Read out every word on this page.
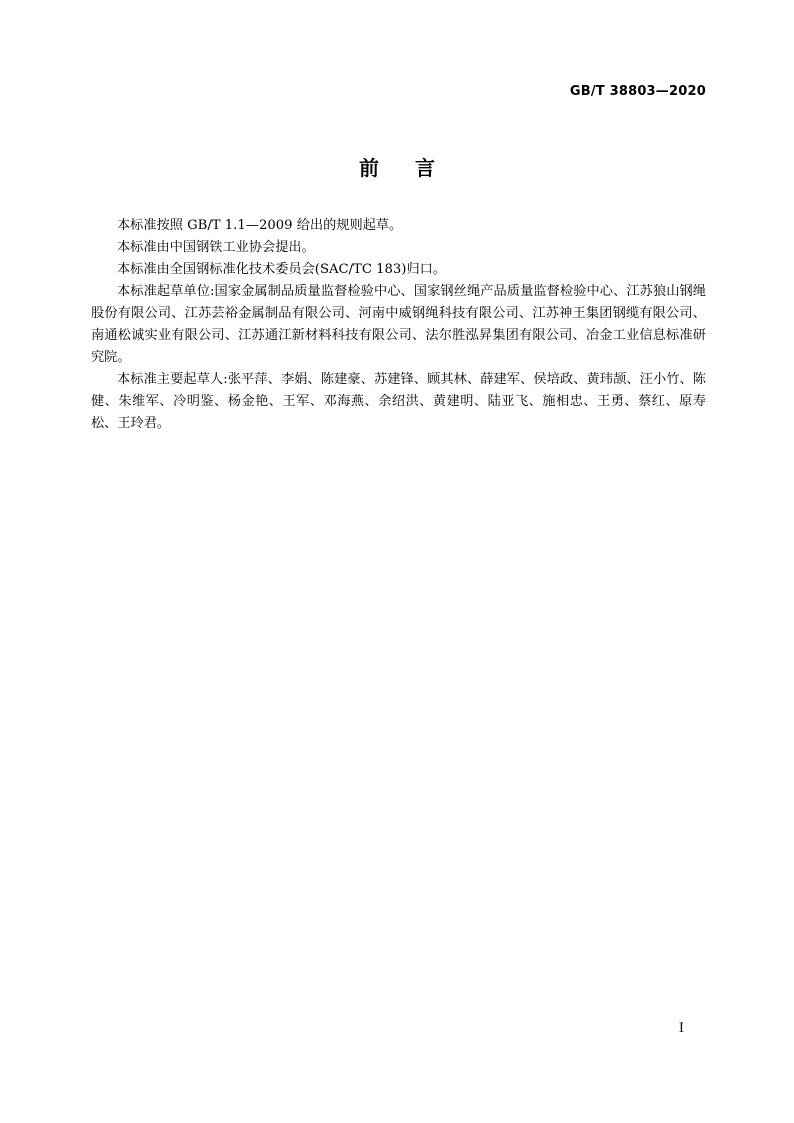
GB/T 38803—2020
前言

本标准按照 GB/T 1.1—2009 给出的规则起草。

本标准由中国钢铁工业协会提出。

本标准由全国钢标准化技术委员会(SAC/TC 183)归口。

本标准起草单位:国家金属制品质量监督检验中心、国家钢丝绳产品质量监督检验中心、江苏狼山钢绳股份有限公司、江苏芸裕金属制品有限公司、河南中威钢绳科技有限公司、江苏神王集团钢缆有限公司、南通松诚实业有限公司、江苏通江新材料科技有限公司、法尔胜泓昇集团有限公司、冶金工业信息标准研究院。

本标准主要起草人:张平萍、李娟、陈建豪、苏建锋、顾其林、薛建军、侯培政、黄玮颉、汪小竹、陈健、朱维军、冷明鉴、杨金艳、王军、邓海燕、余绍洪、黄建明、陆亚飞、施相忠、王勇、蔡红、原寿松、王玲君。

I
